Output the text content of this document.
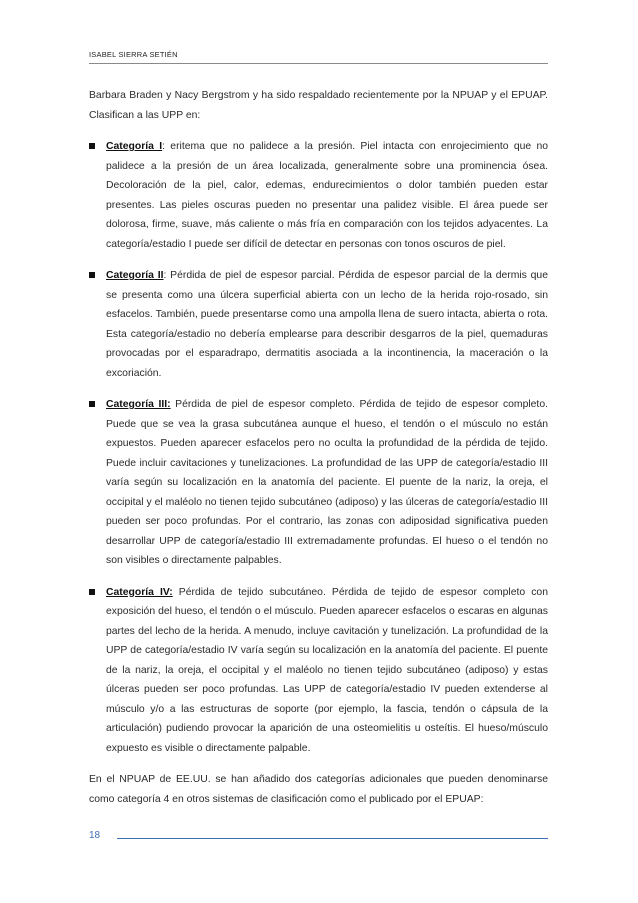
ISABEL SIERRA SETIÉN

Barbara Braden y Nacy Bergstrom y ha sido respaldado recientemente por la NPUAP y el EPUAP. Clasifican a las UPP en:

Categoría I: eritema que no palidece a la presión. Piel intacta con enrojecimiento que no palidece a la presión de un área localizada, generalmente sobre una prominencia ósea. Decoloración de la piel, calor, edemas, endurecimientos o dolor también pueden estar presentes. Las pieles oscuras pueden no presentar una palidez visible. El área puede ser dolorosa, firme, suave, más caliente o más fría en comparación con los tejidos adyacentes. La categoría/estadio I puede ser difícil de detectar en personas con tonos oscuros de piel.
Categoría II: Pérdida de piel de espesor parcial. Pérdida de espesor parcial de la dermis que se presenta como una úlcera superficial abierta con un lecho de la herida rojo-rosado, sin esfacelos. También, puede presentarse como una ampolla llena de suero intacta, abierta o rota. Esta categoría/estadio no debería emplearse para describir desgarros de la piel, quemaduras provocadas por el esparadrapo, dermatitis asociada a la incontinencia, la maceración o la excoriación.
Categoría III: Pérdida de piel de espesor completo. Pérdida de tejido de espesor completo. Puede que se vea la grasa subcutánea aunque el hueso, el tendón o el músculo no están expuestos. Pueden aparecer esfacelos pero no oculta la profundidad de la pérdida de tejido. Puede incluir cavitaciones y tunelizaciones. La profundidad de las UPP de categoría/estadio III varía según su localización en la anatomía del paciente. El puente de la nariz, la oreja, el occipital y el maléolo no tienen tejido subcutáneo (adiposo) y las úlceras de categoría/estadio III pueden ser poco profundas. Por el contrario, las zonas con adiposidad significativa pueden desarrollar UPP de categoría/estadio III extremadamente profundas. El hueso o el tendón no son visibles o directamente palpables.
Categoría IV: Pérdida de tejido subcutáneo. Pérdida de tejido de espesor completo con exposición del hueso, el tendón o el músculo. Pueden aparecer esfacelos o escaras en algunas partes del lecho de la herida. A menudo, incluye cavitación y tunelización. La profundidad de la UPP de categoría/estadio IV varía según su localización en la anatomía del paciente. El puente de la nariz, la oreja, el occipital y el maléolo no tienen tejido subcutáneo (adiposo) y estas úlceras pueden ser poco profundas. Las UPP de categoría/estadio IV pueden extenderse al músculo y/o a las estructuras de soporte (por ejemplo, la fascia, tendón o cápsula de la articulación) pudiendo provocar la aparición de una osteomielitis u osteítis. El hueso/músculo expuesto es visible o directamente palpable.

En el NPUAP de EE.UU. se han añadido dos categorías adicionales que pueden denominarse como categoría 4 en otros sistemas de clasificación como el publicado por el EPUAP:

18
